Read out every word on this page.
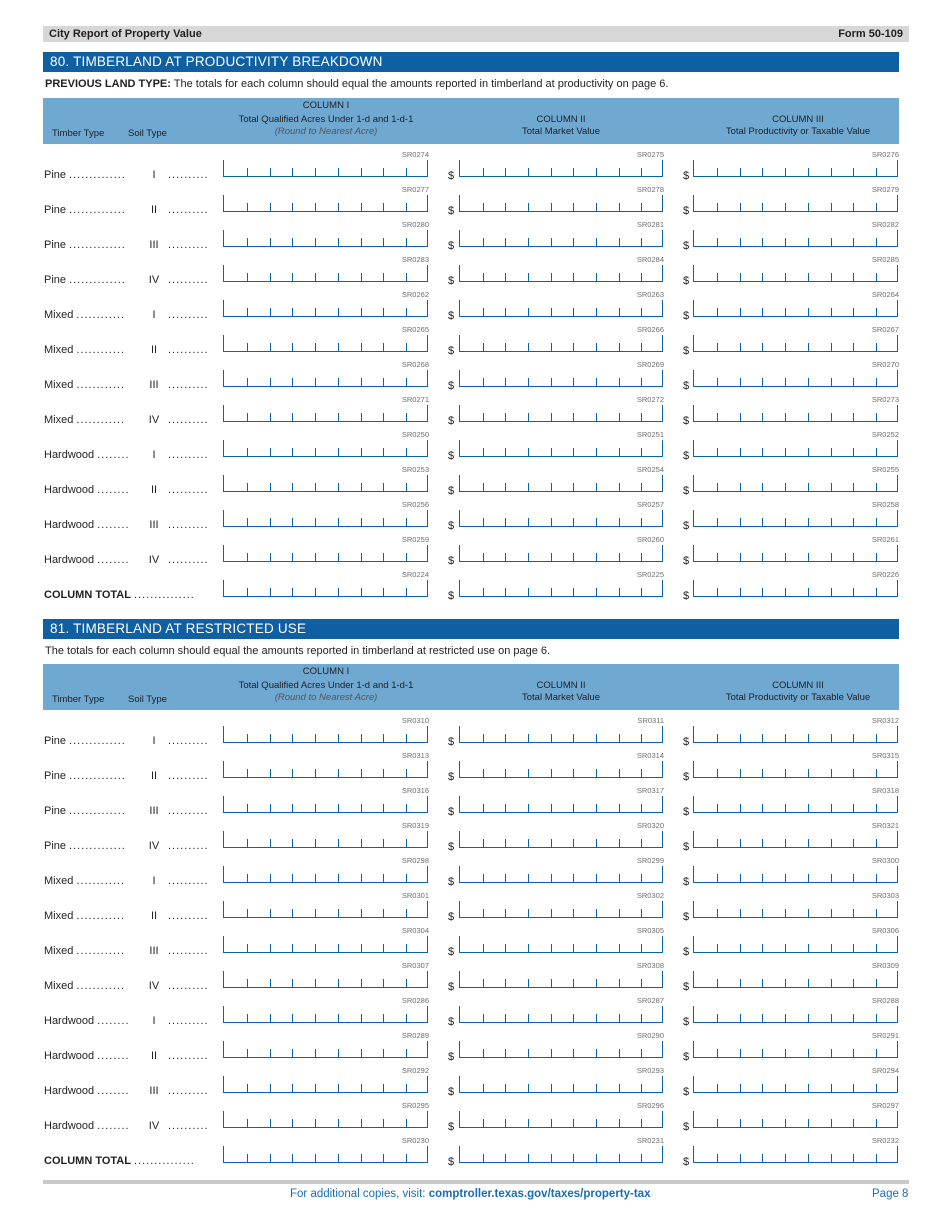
City Report of Property Value	Form 50-109
80. TIMBERLAND AT PRODUCTIVITY BREAKDOWN
PREVIOUS LAND TYPE: The totals for each column should equal the amounts reported in timberland at productivity on page 6.
Timber Type Soil Type
COLUMN I
Total Qualified Acres Under 1-d and 1-d-1
(Round to Nearest Acre)
COLUMN II
Total Market Value
COLUMN III
Total Productivity or Taxable Value
Pine ..............	I ..........
SR0274	SR0275	SR0276
$	$
Pine ..............	II ..........
SR0277	SR0278	SR0279
$	$
Pine ..............	III ..........
SR0280	SR0281	SR0282
$	$
Pine .............. IV ..........
SR0283	SR0284	SR0285
$	$
Mixed ............	I ..........
SR0262	SR0263	SR0264
$	$
Mixed ............	II ..........
SR0265	SR0266	SR0267
$	$
Mixed ............	III ..........
SR0268	SR0269	SR0270
$	$
Mixed ............ IV ..........
SR0271	SR0272	SR0273
$	$
Hardwood ........	I ..........
SR0250	SR0251	SR0252
$	$
Hardwood ........	II ..........
SR0253	SR0254	SR0255
$	$
Hardwood ........	III ..........
SR0256	SR0257	SR0258
$	$
Hardwood ........ IV ..........
SR0259	SR0260	SR0261
$	$
COLUMN TOTAL ...............
SR0224	SR0225	SR0226
$	$
81. TIMBERLAND AT RESTRICTED USE
The totals for each column should equal the amounts reported in timberland at restricted use on page 6.
Timber Type Soil Type
COLUMN I
Total Qualified Acres Under 1-d and 1-d-1
(Round to Nearest Acre)
COLUMN II
Total Market Value
COLUMN III
Total Productivity or Taxable Value
Pine ..............	I ..........
SR0310	SR0311	SR0312
$	$
Pine ..............	II ..........
SR0313	SR0314	SR0315
$	$
Pine ..............	III ..........
SR0316	SR0317	SR0318
$	$
Pine .............. IV ..........
SR0319	SR0320	SR0321
$	$
Mixed ............	I ..........
SR0298	SR0299	SR0300
$	$
Mixed ............	II ..........
SR0301	SR0302	SR0303
$	$
Mixed ............	III ..........
SR0304	SR0305	SR0306
$	$
Mixed ............ IV ..........
SR0307	SR0308	SR0309
$	$
Hardwood ........	I ..........
SR0286	SR0287	SR0288
$	$
Hardwood ........	II ..........
SR0289	SR0290	SR0291
$	$
Hardwood ........	III ..........
SR0292	SR0293	SR0294
$	$
Hardwood ........ IV ..........
SR0295	SR0296	SR0297
$	$
COLUMN TOTAL ...............
SR0230	SR0231	SR0232
$	$
For additional copies, visit: comptroller.texas.gov/taxes/property-tax	Page 8
